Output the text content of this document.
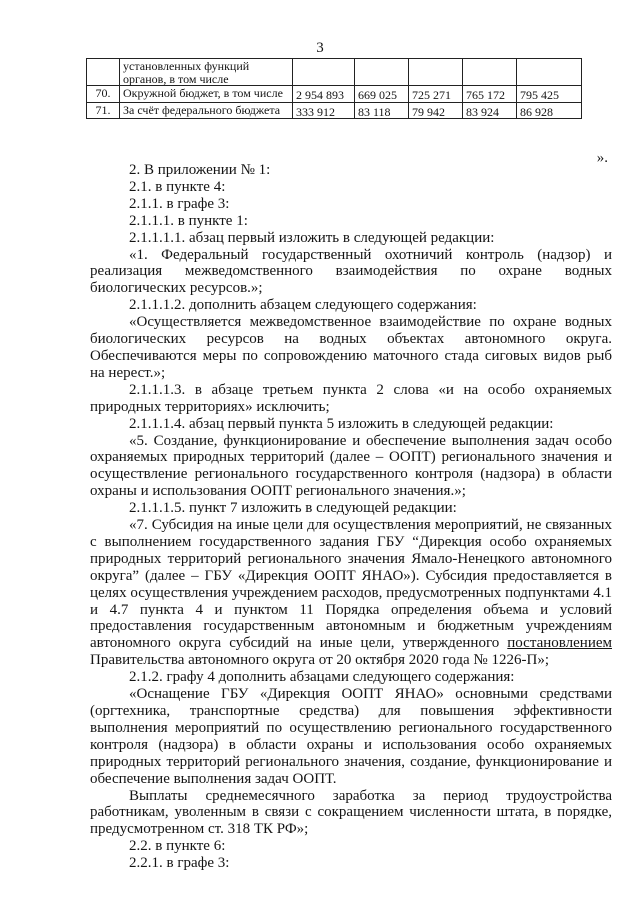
3
	установленных функций органов, в том числе					
70.	Окружной бюджет, в том числе	2 954 893	669 025	725 271	765 172	795 425
71.	За счёт федерального бюджета	333 912	83 118	79 942	83 924	86 928
».

2. В приложении № 1:

2.1. в пункте 4:

2.1.1. в графе 3:

2.1.1.1. в пункте 1:

2.1.1.1.1. абзац первый изложить в следующей редакции:

«1. Федеральный государственный охотничий контроль (надзор) и реализация межведомственного взаимодействия по охране водных биологических ресурсов.»;

2.1.1.1.2. дополнить абзацем следующего содержания:

«Осуществляется межведомственное взаимодействие по охране водных биологических ресурсов на водных объектах автономного округа. Обеспечиваются меры по сопровождению маточного стада сиговых видов рыб на нерест.»;

2.1.1.1.3. в абзаце третьем пункта 2 слова «и на особо охраняемых природных территориях» исключить;

2.1.1.1.4. абзац первый пункта 5 изложить в следующей редакции:

«5. Создание, функционирование и обеспечение выполнения задач особо охраняемых природных территорий (далее – ООПТ) регионального значения и осуществление регионального государственного контроля (надзора) в области охраны и использования ООПТ регионального значения.»;

2.1.1.1.5. пункт 7 изложить в следующей редакции:

«7. Субсидия на иные цели для осуществления мероприятий, не связанных с выполнением государственного задания ГБУ “Дирекция особо охраняемых природных территорий регионального значения Ямало-Ненецкого автономного округа” (далее – ГБУ «Дирекция ООПТ ЯНАО»). Субсидия предоставляется в целях осуществления учреждением расходов, предусмотренных подпунктами 4.1 и 4.7 пункта 4 и пунктом 11 Порядка определения объема и условий предоставления государственным автономным и бюджетным учреждениям автономного округа субсидий на иные цели, утвержденного постановлением Правительства автономного округа от 20 октября 2020 года № 1226-П»;

2.1.2. графу 4 дополнить абзацами следующего содержания:

«Оснащение ГБУ «Дирекция ООПТ ЯНАО» основными средствами (оргтехника, транспортные средства) для повышения эффективности выполнения мероприятий по осуществлению регионального государственного контроля (надзора) в области охраны и использования особо охраняемых природных территорий регионального значения, создание, функционирование и обеспечение выполнения задач ООПТ.

Выплаты среднемесячного заработка за период трудоустройства работникам, уволенным в связи с сокращением численности штата, в порядке, предусмотренном ст. 318 ТК РФ»;

2.2. в пункте 6:

2.2.1. в графе 3:
